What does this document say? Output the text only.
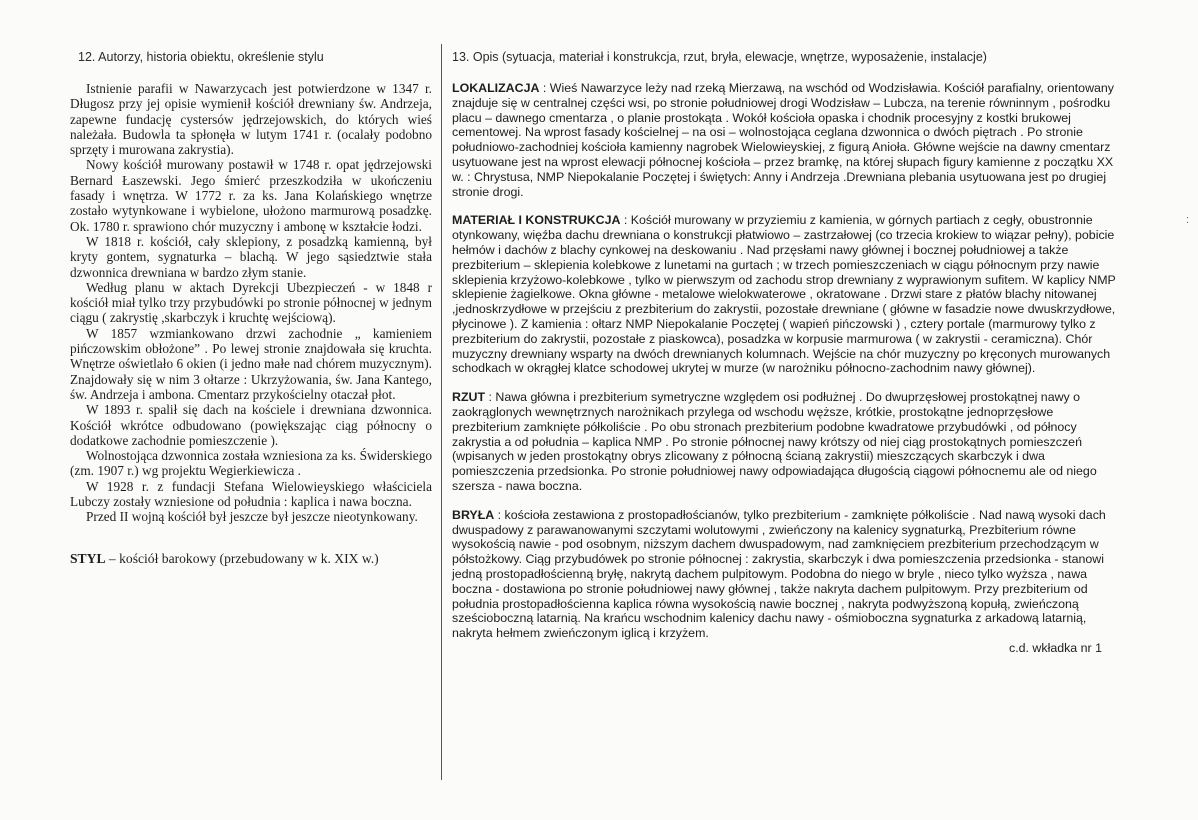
12. Autorzy, historia obiektu, określenie stylu

Istnienie parafii w Nawarzycach jest potwierdzone w 1347 r. Długosz przy jej opisie wymienił kościół drewniany św. Andrzeja, zapewne fundację cystersów jędrzejowskich, do których wieś należała. Budowla ta spłonęła w lutym 1741 r. (ocalały podobno sprzęty i murowana zakrystia).

Nowy kościół murowany postawił w 1748 r. opat jędrzejowski Bernard Łaszewski. Jego śmierć przeszkodziła w ukończeniu fasady i wnętrza. W 1772 r. za ks. Jana Kolańskiego wnętrze zostało wytynkowane i wybielone, ułożono marmurową posadzkę. Ok. 1780 r. sprawiono chór muzyczny i ambonę w kształcie łodzi.

W 1818 r. kościół, cały sklepiony, z posadzką kamienną, był kryty gontem, sygnaturka – blachą. W jego sąsiedztwie stała dzwonnica drewniana w bardzo złym stanie.

Według planu w aktach Dyrekcji Ubezpieczeń - w 1848 r kościół miał tylko trzy przybudówki po stronie północnej w jednym ciągu ( zakrystię ,skarbczyk i kruchtę wejściową).

W 1857 wzmiankowano drzwi zachodnie „ kamieniem pińczowskim obłożone” . Po lewej stronie znajdowała się kruchta. Wnętrze oświetlało 6 okien (i jedno małe nad chórem muzycznym). Znajdowały się w nim 3 ołtarze : Ukrzyżowania, św. Jana Kantego, św. Andrzeja i ambona. Cmentarz przykościelny otaczał płot.

W 1893 r. spalił się dach na kościele i drewniana dzwonnica. Kościół wkrótce odbudowano (powiększając ciąg północny o dodatkowe zachodnie pomieszczenie ).

Wolnostojąca dzwonnica została wzniesiona za ks. Świderskiego (zm. 1907 r.) wg projektu Wegierkiewicza .

W 1928 r. z fundacji Stefana Wielowieyskiego właściciela Lubczy zostały wzniesione od południa : kaplica i nawa boczna.

Przed II wojną kościół był jeszcze był jeszcze nieotynkowany.

STYL – kościół barokowy (przebudowany w k. XIX w.)
13. Opis (sytuacja, materiał i konstrukcja, rzut, bryła, elewacje, wnętrze, wyposażenie, instalacje)
LOKALIZACJA : Wieś Nawarzyce leży nad rzeką Mierzawą, na wschód od Wodzisławia. Kościół parafialny, orientowany znajduje się w centralnej części wsi, po stronie południowej drogi Wodzisław – Lubcza, na terenie równinnym , pośrodku placu – dawnego cmentarza , o planie prostokąta . Wokół kościoła opaska i chodnik procesyjny z kostki brukowej cementowej. Na wprost fasady kościelnej – na osi – wolnostojąca ceglana dzwonnica o dwóch piętrach . Po stronie południowo-zachodniej kościoła kamienny nagrobek Wielowieyskiej, z figurą Anioła. Główne wejście na dawny cmentarz usytuowane jest na wprost elewacji północnej kościoła – przez bramkę, na której słupach figury kamienne z początku XX w. : Chrystusa, NMP Niepokalanie Poczętej i świętych: Anny i Andrzeja .Drewniana plebania usytuowana jest po drugiej stronie drogi.
MATERIAŁ I KONSTRUKCJA : Kościół murowany w przyziemiu z kamienia, w górnych partiach z cegły, obustronnie otynkowany, więźba dachu drewniana o konstrukcji płatwiowo – zastrzałowej (co trzecia krokiew to wiązar pełny), pobicie hełmów i dachów z blachy cynkowej na deskowaniu . Nad przęsłami nawy głównej i bocznej południowej a także prezbiterium – sklepienia kolebkowe z lunetami na gurtach ; w trzech pomieszczeniach w ciągu północnym przy nawie sklepienia krzyżowo-kolebkowe , tylko w pierwszym od zachodu strop drewniany z wyprawionym sufitem. W kaplicy NMP sklepienie żagielkowe. Okna główne - metalowe wielokwaterowe , okratowane . Drzwi stare z płatów blachy nitowanej ,jednoskrzydłowe w przejściu z prezbiterium do zakrystii, pozostałe drewniane ( główne w fasadzie nowe dwuskrzydłowe, płycinowe ). Z kamienia : ołtarz NMP Niepokalanie Poczętej ( wapień pińczowski ) , cztery portale (marmurowy tylko z prezbiterium do zakrystii, pozostałe z piaskowca), posadzka w korpusie marmurowa ( w zakrystii - ceramiczna). Chór muzyczny drewniany wsparty na dwóch drewnianych kolumnach. Wejście na chór muzyczny po kręconych murowanych schodkach w okrągłej klatce schodowej ukrytej w murze (w narożniku północno-zachodnim nawy głównej).
RZUT : Nawa główna i prezbiterium symetryczne względem osi podłużnej . Do dwuprzęsłowej prostokątnej nawy o zaokrąglonych wewnętrznych narożnikach przylega od wschodu węższe, krótkie, prostokątne jednoprzęsłowe prezbiterium zamknięte półkoliście . Po obu stronach prezbiterium podobne kwadratowe przybudówki , od północy zakrystia a od południa – kaplica NMP . Po stronie północnej nawy krótszy od niej ciąg prostokątnych pomieszczeń (wpisanych w jeden prostokątny obrys zlicowany z północną ścianą zakrystii) mieszczących skarbczyk i dwa pomieszczenia przedsionka. Po stronie południowej nawy odpowiadająca długością ciągowi północnemu ale od niego szersza - nawa boczna.
BRYŁA : kościoła zestawiona z prostopadłościanów, tylko prezbiterium - zamknięte półkoliście . Nad nawą wysoki dach dwuspadowy z parawanowanymi szczytami wolutowymi , zwieńczony na kalenicy sygnaturką, Prezbiterium równe wysokością nawie - pod osobnym, niższym dachem dwuspadowym, nad zamknięciem prezbiterium przechodzącym w półstożkowy. Ciąg przybudówek po stronie północnej : zakrystia, skarbczyk i dwa pomieszczenia przedsionka - stanowi jedną prostopadłościenną bryłę, nakrytą dachem pulpitowym. Podobna do niego w bryle , nieco tylko wyższa , nawa boczna - dostawiona po stronie południowej nawy głównej , także nakryta dachem pulpitowym. Przy prezbiterium od południa prostopadłościenna kaplica równa wysokością nawie bocznej , nakryta podwyższoną kopułą, zwieńczoną sześcioboczną latarnią. Na krańcu wschodnim kalenicy dachu nawy - ośmioboczna sygnaturka z arkadową latarnią, nakryta hełmem zwieńczonym iglicą i krzyżem.
c.d. wkładka nr 1
:
